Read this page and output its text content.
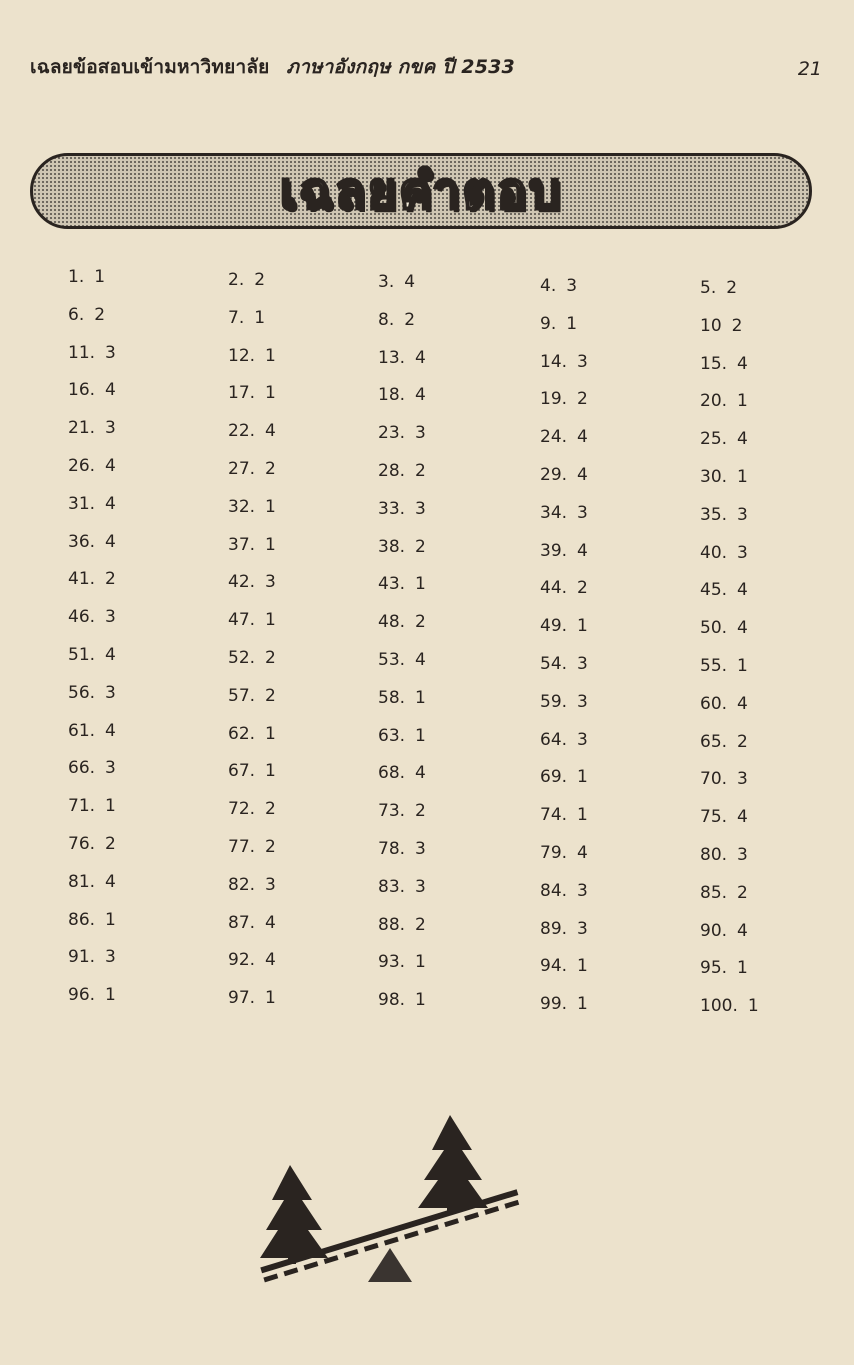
เฉลยข้อสอบเข้ามหาวิทยาลัย ภาษาอังกฤษ กขค ปี 2533	21
เฉลยคำตอบ
1. 1	2. 2	3. 4	4. 3	5. 2
6. 2	7. 1	8. 2	9. 1	10 2
11. 3	12. 1	13. 4	14. 3	15. 4
16. 4	17. 1	18. 4	19. 2	20. 1
21. 3	22. 4	23. 3	24. 4	25. 4
26. 4	27. 2	28. 2	29. 4	30. 1
31. 4	32. 1	33. 3	34. 3	35. 3
36. 4	37. 1	38. 2	39. 4	40. 3
41. 2	42. 3	43. 1	44. 2	45. 4
46. 3	47. 1	48. 2	49. 1	50. 4
51. 4	52. 2	53. 4	54. 3	55. 1
56. 3	57. 2	58. 1	59. 3	60. 4
61. 4	62. 1	63. 1	64. 3	65. 2
66. 3	67. 1	68. 4	69. 1	70. 3
71. 1	72. 2	73. 2	74. 1	75. 4
76. 2	77. 2	78. 3	79. 4	80. 3
81. 4	82. 3	83. 3	84. 3	85. 2
86. 1	87. 4	88. 2	89. 3	90. 4
91. 3	92. 4	93. 1	94. 1	95. 1
96. 1	97. 1	98. 1	99. 1	100. 1
